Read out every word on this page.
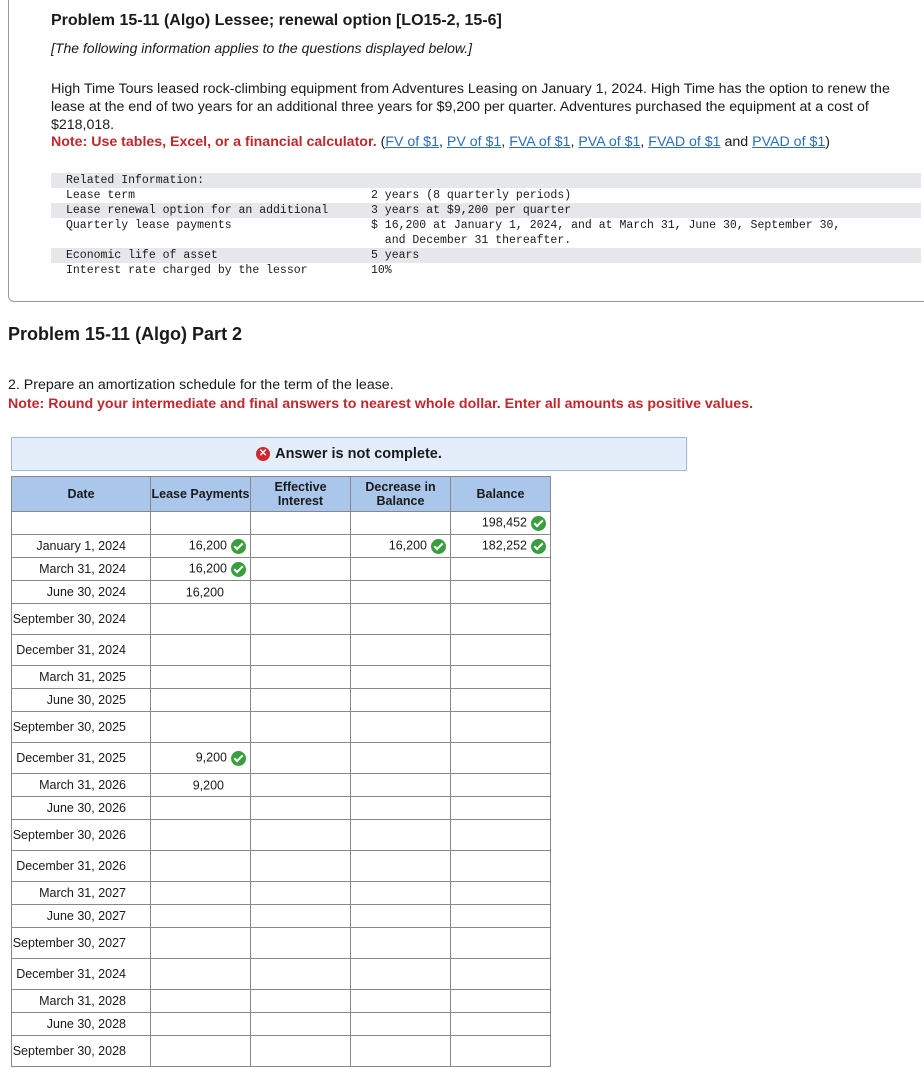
Problem 15-11 (Algo) Lessee; renewal option [LO15-2, 15-6]
[The following information applies to the questions displayed below.]
High Time Tours leased rock-climbing equipment from Adventures Leasing on January 1, 2024. High Time has the option to renew the lease at the end of two years for an additional three years for $9,200 per quarter. Adventures purchased the equipment at a cost of $218,018.
Note: Use tables, Excel, or a financial calculator. (FV of $1, PV of $1, FVA of $1, PVA of $1, FVAD of $1 and PVAD of $1)
Related Information:
Lease term	2 years (8 quarterly periods)
Lease renewal option for an additional	3 years at $9,200 per quarter
Quarterly lease payments	$ 16,200 at January 1, 2024, and at March 31, June 30, September 30,
and December 31 thereafter.
Economic life of asset	5 years
Interest rate charged by the lessor	10%
Problem 15-11 (Algo) Part 2
2. Prepare an amortization schedule for the term of the lease.
Note: Round your intermediate and final answers to nearest whole dollar. Enter all amounts as positive values.
✕ Answer is not complete.
Date	Lease Payments	Effective Interest	Decrease in Balance	Balance
				198,452
January 1, 2024	16,200		16,200	182,252
March 31, 2024	16,200			
June 30, 2024	16,200			
September 30, 2024				
December 31, 2024				
March 31, 2025				
June 30, 2025				
September 30, 2025				
December 31, 2025	9,200			
March 31, 2026	9,200			
June 30, 2026				
September 30, 2026				
December 31, 2026				
March 31, 2027				
June 30, 2027				
September 30, 2027				
December 31, 2024				
March 31, 2028				
June 30, 2028				
September 30, 2028				
